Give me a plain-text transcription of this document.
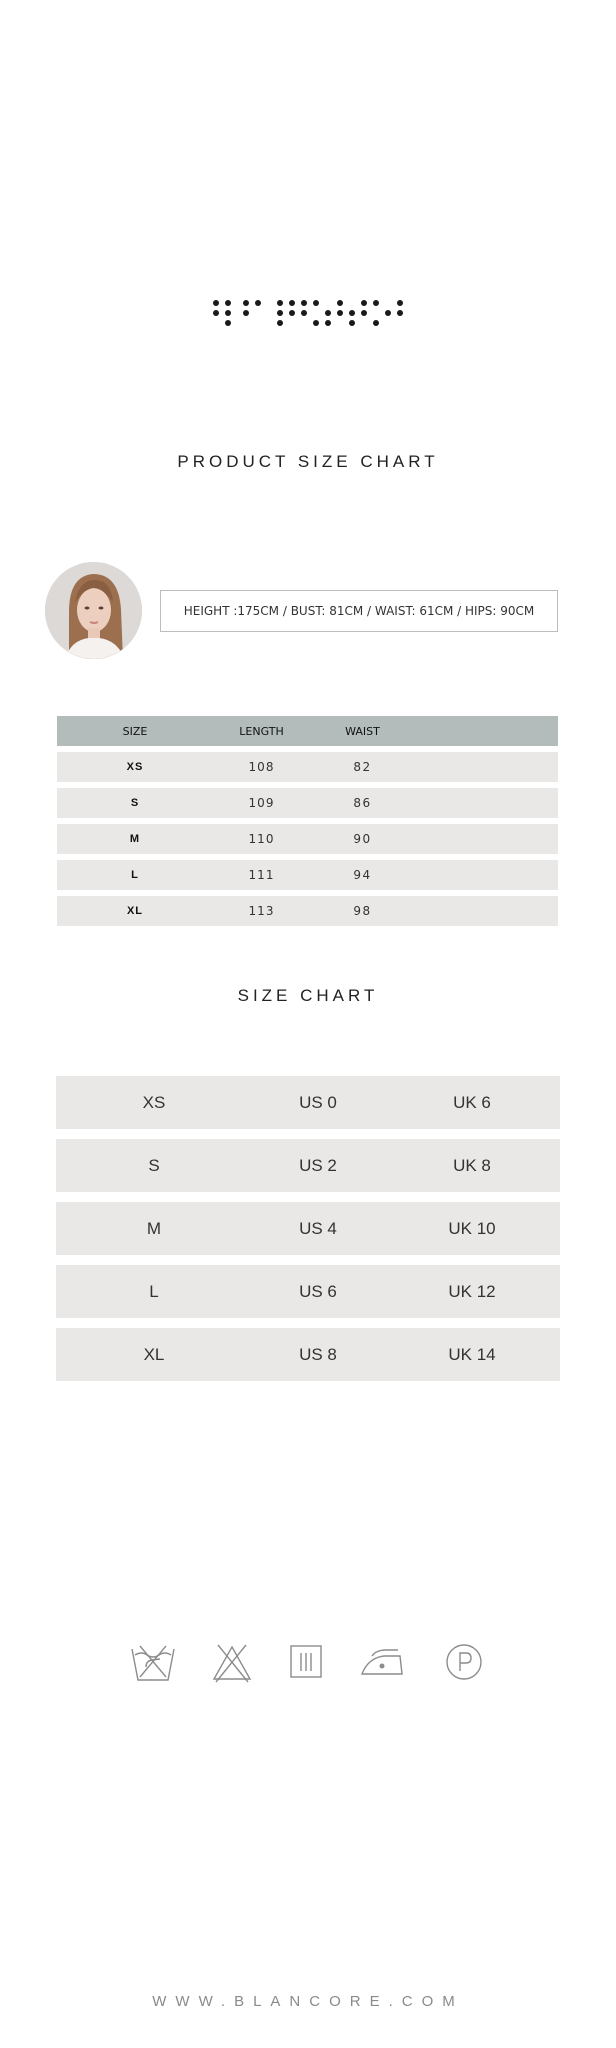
PRODUCT SIZE CHART
HEIGHT :175CM / BUST: 81CM / WAIST: 61CM / HIPS: 90CM
SIZE	LENGTH	WAIST
XS	108	82
S	109	86
M	110	90
L	111	94
XL	113	98
SIZE CHART
XS	US 0	UK 6
S	US 2	UK 8
M	US 4	UK 10
L	US 6	UK 12
XL	US 8	UK 14
WWW.BLANCORE.COM
